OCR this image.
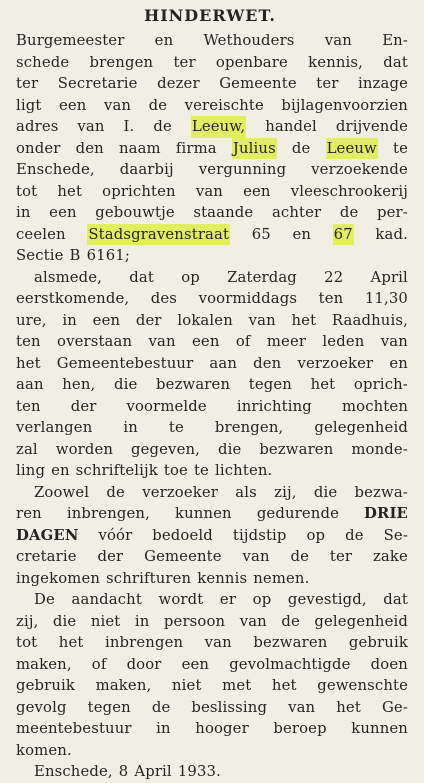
HINDERWET.
Burgemeester en Wethouders van En-
schede brengen ter openbare kennis, dat
ter Secretarie dezer Gemeente ter inzage
ligt een van de vereischte bijlagenvoorzien
adres van I. de Leeuw, handel drijvende
onder den naam firma Julius de Leeuw te
Enschede, daarbij vergunning verzoekende
tot het oprichten van een vleeschrookerij
in een gebouwtje staande achter de per-
ceelen Stadsgravenstraat 65 en 67 kad.
Sectie B 6161;
alsmede, dat op Zaterdag 22 April
eerstkomende, des voormiddags ten 11,30
ure, in een der lokalen van het Raadhuis,
ten overstaan van een of meer leden van
het Gemeentebestuur aan den verzoeker en
aan hen, die bezwaren tegen het oprich-
ten der voormelde inrichting mochten
verlangen in te brengen, gelegenheid
zal worden gegeven, die bezwaren monde-
ling en schriftelijk toe te lichten.
Zoowel de verzoeker als zij, die bezwa-
ren inbrengen, kunnen gedurende DRIE
DAGEN vóór bedoeld tijdstip op de Se-
cretarie der Gemeente van de ter zake
ingekomen schrifturen kennis nemen.
De aandacht wordt er op gevestigd, dat
zij, die niet in persoon van de gelegenheid
tot het inbrengen van bezwaren gebruik
maken, of door een gevolmachtigde doen
gebruik maken, niet met het gewenschte
gevolg tegen de beslissing van het Ge-
meentebestuur in hooger beroep kunnen
komen.
Enschede, 8 April 1933.
